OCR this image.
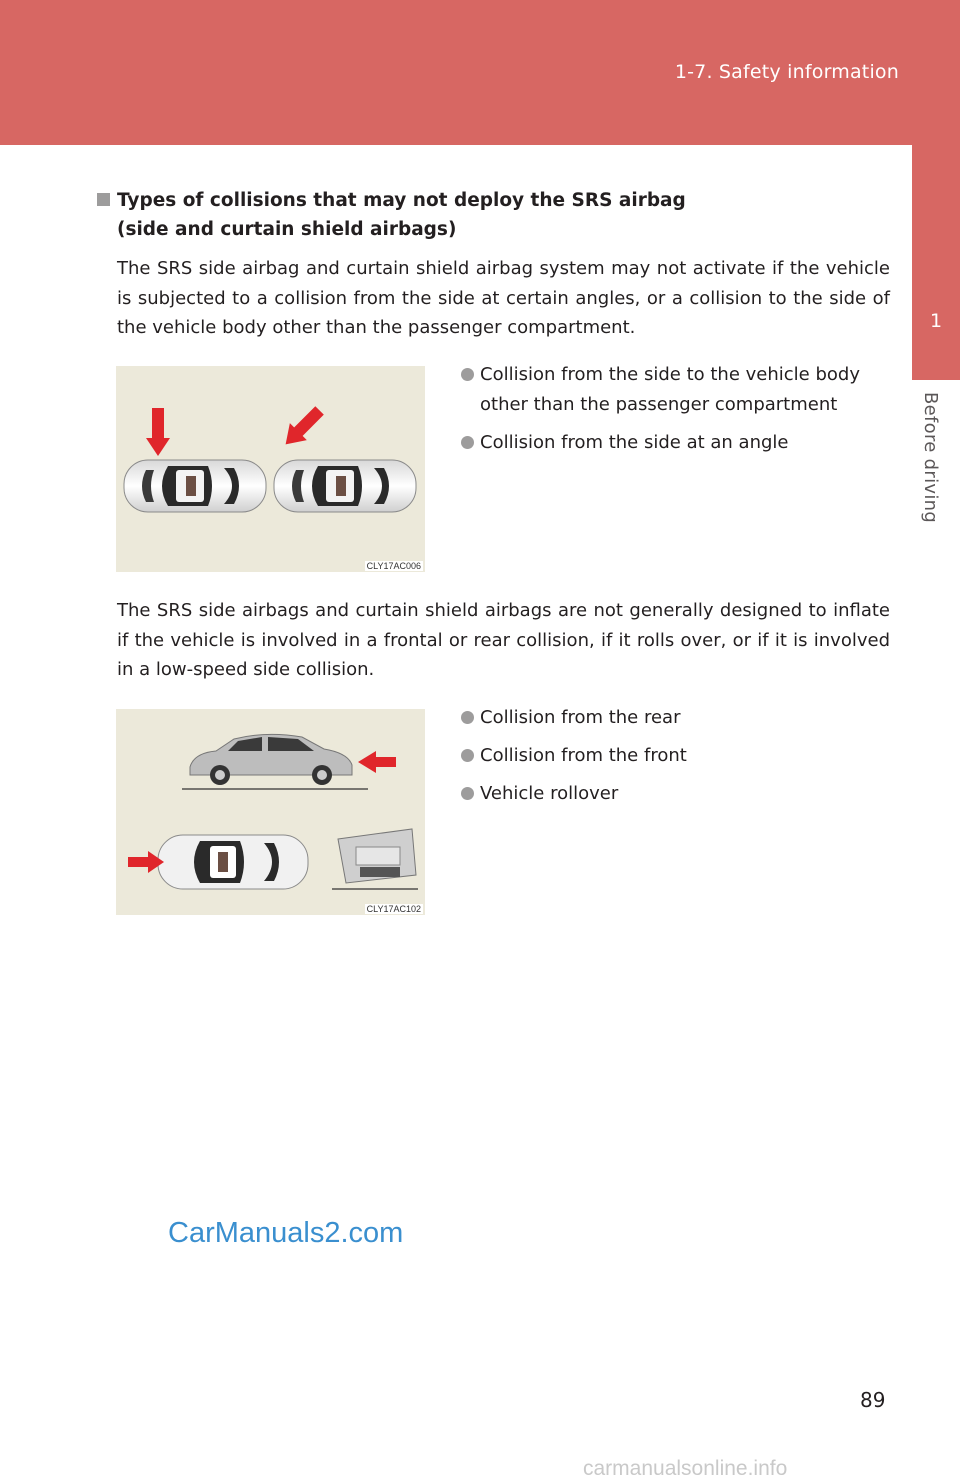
1-7. Safety information
1
Before driving
Types of collisions that may not deploy the SRS airbag
(side and curtain shield airbags)
The SRS side airbag and curtain shield airbag system may not activate if the vehicle is subjected to a collision from the side at certain angles, or a collision to the side of the vehicle body other than the passenger compartment.
CLY17AC006
Collision from the side to the vehicle body other than the passenger compartment
Collision from the side at an angle
The SRS side airbags and curtain shield airbags are not generally designed to inflate if the vehicle is involved in a frontal or rear collision, if it rolls over, or if it is involved in a low-speed side collision.
CLY17AC102
Collision from the rear
Collision from the front
Vehicle rollover
CarManuals2.com
89
carmanualsonline.info
